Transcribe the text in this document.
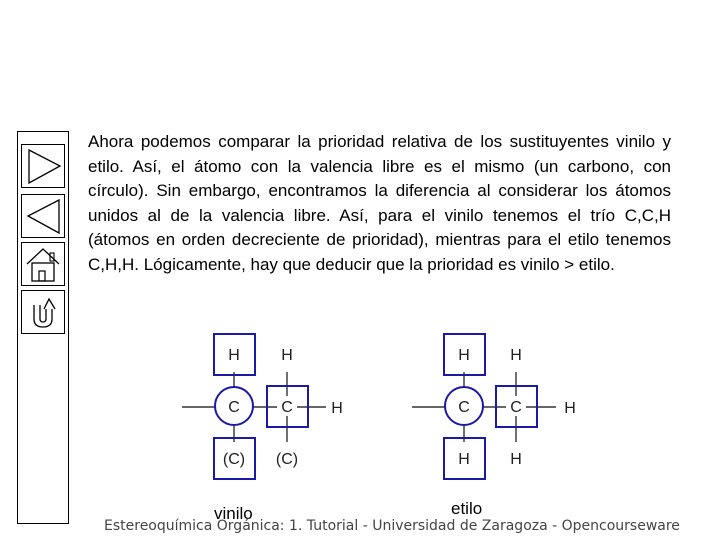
Ahora podemos comparar la prioridad relativa de los sustituyentes vinilo y etilo. Así, el átomo con la valencia libre es el mismo (un carbono, con círculo). Sin embargo, encontramos la diferencia al considerar los átomos unidos al de la valencia libre. Así, para el vinilo tenemos el trío C,C,H (átomos en orden decreciente de prioridad), mientras para el etilo tenemos C,H,H. Lógicamente, hay que deducir que la prioridad es vinilo > etilo.

H	H
C	C H
(C) (C)
H	H
C	C	H
H	H
vinilo	etilo
Estereoquímica Orgánica: 1. Tutorial - Universidad de Zaragoza - Opencourseware
